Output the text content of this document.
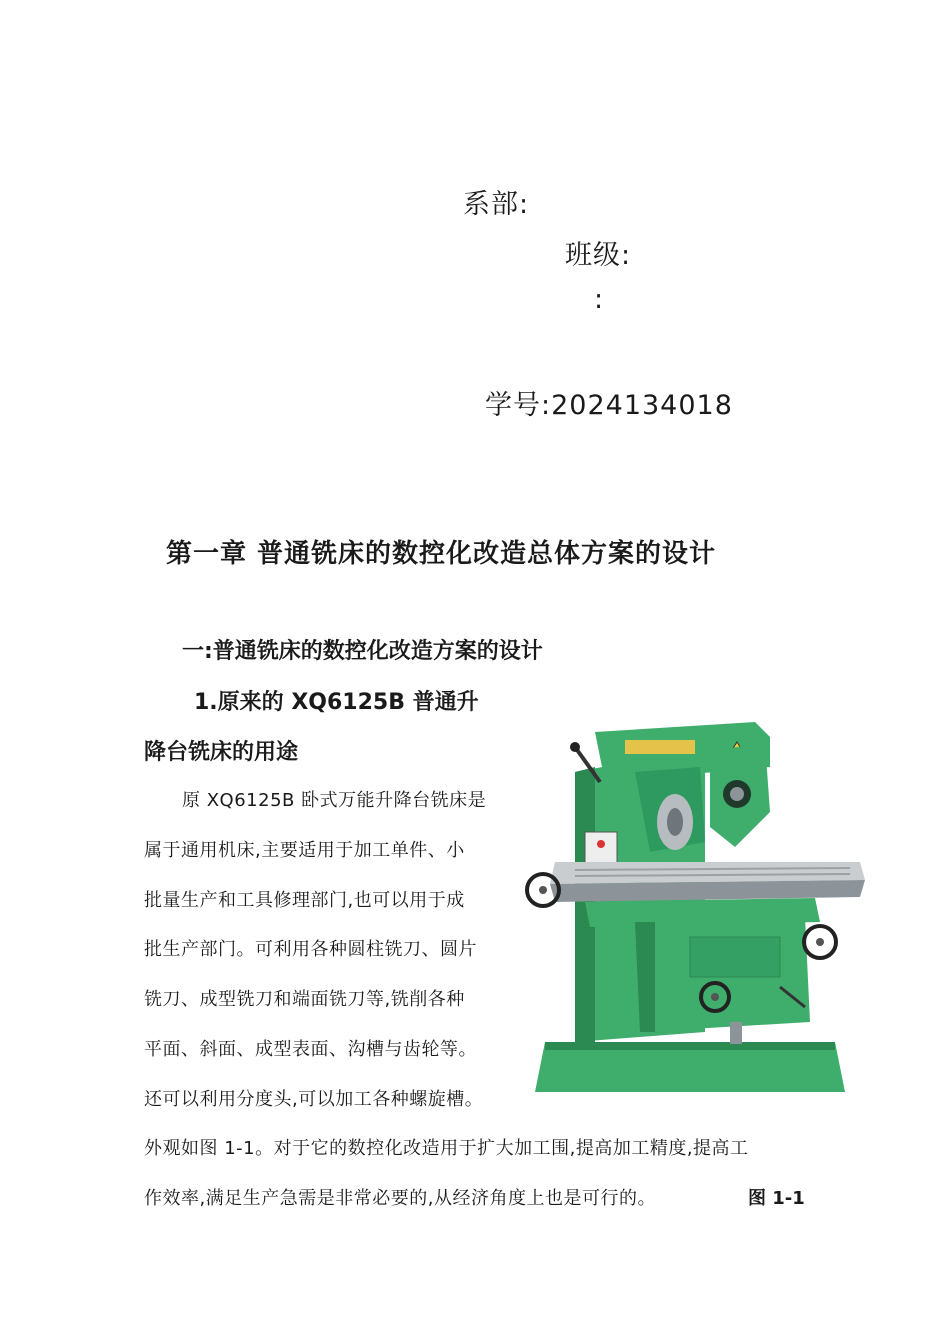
系部:
班级:
:
学号:2024134018
第一章 普通铣床的数控化改造总体方案的设计
一:普通铣床的数控化改造方案的设计
1.原来的 XQ6125B 普通升
降台铣床的用途
原 XQ6125B 卧式万能升降台铣床是
属于通用机床,主要适用于加工单件、小
批量生产和工具修理部门,也可以用于成
批生产部门。可利用各种圆柱铣刀、圆片
铣刀、成型铣刀和端面铣刀等,铣削各种
平面、斜面、成型表面、沟槽与齿轮等。
还可以利用分度头,可以加工各种螺旋槽。
外观如图 1-1。对于它的数控化改造用于扩大加工围,提高加工精度,提高工
作效率,满足生产急需是非常必要的,从经济角度上也是可行的。	图 1-1
